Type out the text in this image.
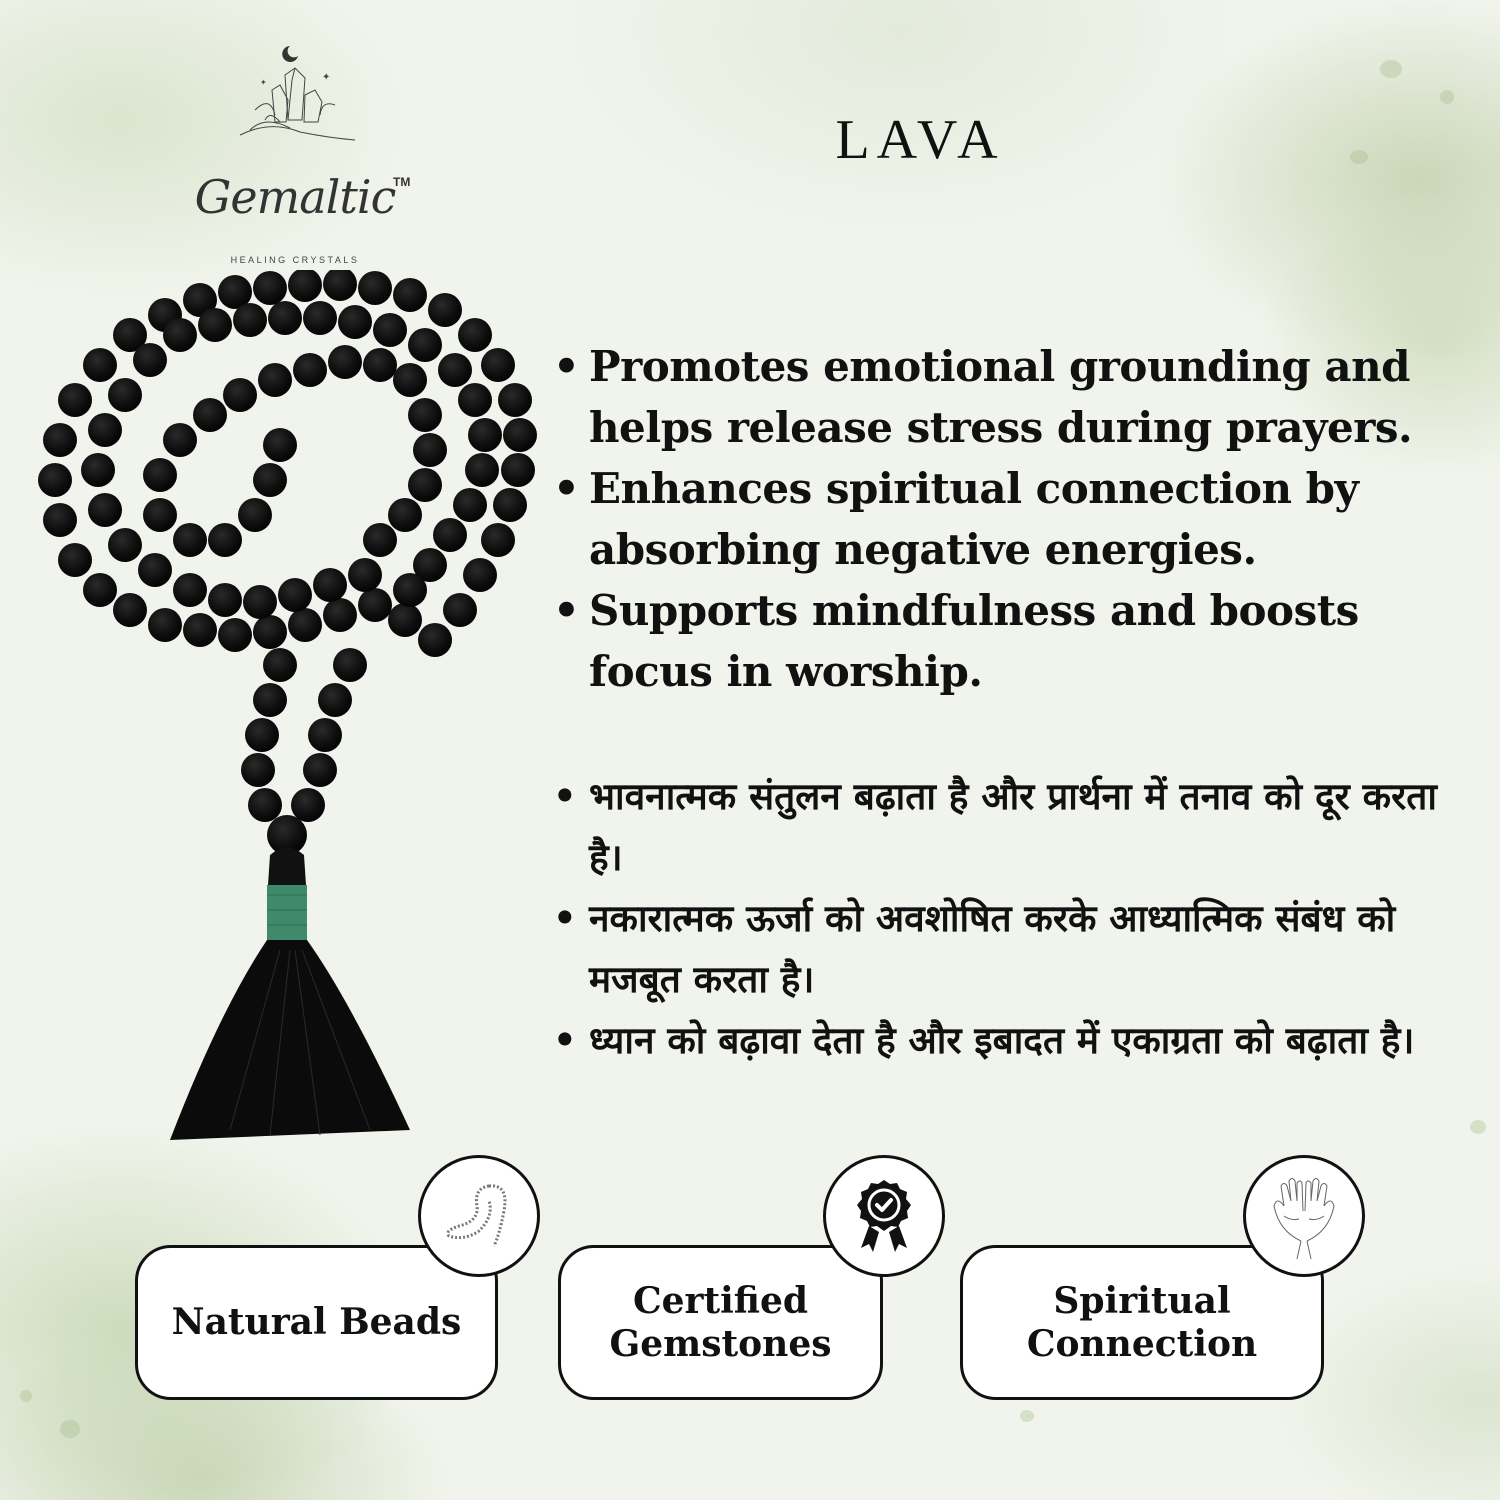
✦
✦
Gemaltic
TM
HEALING CRYSTALS
LAVA
• Promotes emotional grounding and helps release stress during prayers.
• Enhances spiritual connection by absorbing negative energies.
• Supports mindfulness and boosts focus in worship.
• भावनात्मक संतुलन बढ़ाता है और प्रार्थना में तनाव को दूर करता है।
• नकारात्मक ऊर्जा को अवशोषित करके आध्यात्मिक संबंध को मजबूत करता है।
• ध्यान को बढ़ावा देता है और इबादत में एकाग्रता को बढ़ाता है।
Natural Beads
Certified Gemstones
Spiritual Connection
